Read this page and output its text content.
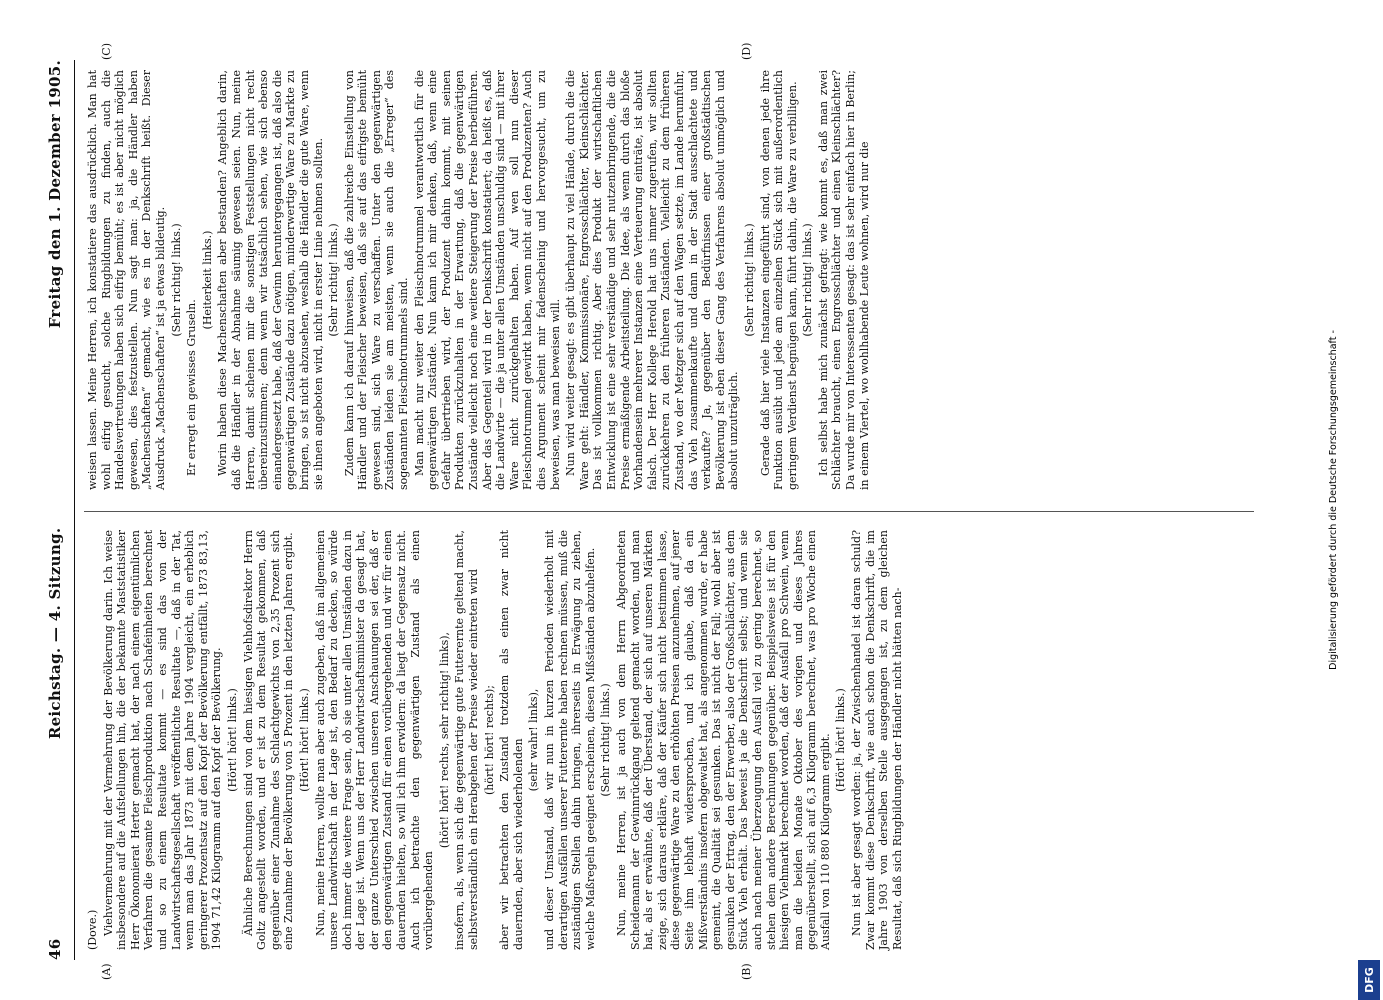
46
Reichstag. — 4. Sitzung.
Freitag den 1. Dezember 1905.
(A)	(B)
(C)	(D)

(Dove.) Viehvermehrung mit der Vermehrung der Bevölkerung darin. Ich weise insbesondere auf die Aufstellungen hin, die der bekannte Maststatistiker Herr Ökonomierat Herter gemacht hat, der nach einem eigentümlichen Verfahren die gesamte Fleischproduktion nach Schafeinheiten berechnet und so zu einem Resultate kommt — es sind das von der Landwirtschaftsgesellschaft veröffentlichte Resultate —, daß in der Tat, wenn man das Jahr 1873 mit dem Jahre 1904 vergleicht, ein erheblich geringerer Prozentsatz auf den Kopf der Bevölkerung entfällt, 1873 83,13, 1904 71,42 Kilogramm auf den Kopf der Bevölkerung. (Hört! hört! links.) Ähnliche Berechnungen sind von dem hiesigen Viehhofsdirektor Herrn Goltz angestellt worden, und er ist zu dem Resultat gekommen, daß gegenüber einer Zunahme des Schlachtgewichts von 2,35 Prozent sich eine Zunahme der Bevölkerung von 5 Prozent in den letzten Jahren ergibt. (Hört! hört! links.) Nun, meine Herren, wollte man aber auch zugeben, daß im allgemeinen unsere Landwirtschaft in der Lage ist, den Bedarf zu decken, so würde doch immer die weitere Frage sein, ob sie unter allen Umständen dazu in der Lage ist. Wenn uns der Herr Landwirtschaftsminister da gesagt hat, der ganze Unterschied zwischen unseren Anschauungen sei der, daß er den gegenwärtigen Zustand für einen vorübergehenden und wir für einen dauernden hielten, so will ich ihm erwidern: da liegt der Gegensatz nicht. Auch ich betrachte den gegenwärtigen Zustand als einen vorübergehenden

(hört! hört! rechts, sehr richtig! links), insofern, als, wenn sich die gegenwärtige gute Futterernte geltend macht, selbstverständlich ein Herabgehen der Preise wieder eintreten wird (hört! hört! rechts); aber wir betrachten den Zustand trotzdem als einen zwar nicht dauernden, aber sich wiederholenden (sehr wahr! links), und dieser Umstand, daß wir nun in kurzen Perioden wiederholt mit derartigen Ausfällen unserer Futterernte haben rechnen müssen, muß die zuständigen Stellen dahin bringen, ihrerseits in Erwägung zu ziehen, welche Maßregeln geeignet erscheinen, diesen Mißständen abzuhelfen. (Sehr richtig! links.) Nun, meine Herren, ist ja auch von dem Herrn Abgeordneten Scheidemann der Gewinnrückgang geltend gemacht worden, und man hat, als er erwähnte, daß der Überstand, der sich auf unseren Märkten zeige, sich daraus erkläre, daß der Käufer sich nicht bestimmen lasse, diese gegenwärtige Ware zu den erhöhten Preisen anzunehmen, auf jener Seite ihm lebhaft widersprochen, und ich glaube, daß da ein Mißverständnis insofern obgewaltet hat, als angenommen wurde, er habe gemeint, die Qualität sei gesunken. Das ist nicht der Fall; wohl aber ist gesunken der Ertrag, den der Erwerber, also der Großschlächter, aus dem Stück Vieh erhält. Das beweist ja die Denkschrift selbst; und wenn sie auch nach meiner Überzeugung den Ausfall viel zu gering berechnet, so stehen dem andere Berechnungen gegenüber. Beispielsweise ist für den hiesigen Viehmarkt berechnet worden, daß der Ausfall pro Schwein, wenn man die beiden Monate Oktober des vorigen und dieses Jahres gegenüberstellt, sich auf 6,3 Kilogramm berechnet, was pro Woche einen Ausfall von 110 880 Kilogramm ergibt. (Hört! hört! links.) Nun ist aber gesagt worden: ja, der Zwischenhandel ist daran schuld? Zwar kommt diese Denkschrift, wie auch schon die Denkschrift, die im Jahre 1903 von derselben Stelle ausgegangen ist, zu dem gleichen Resultat, daß sich Ringbildungen der Händler nicht hätten nach-

weisen lassen. Meine Herren, ich konstatiere das ausdrücklich. Man hat wohl eifrig gesucht, solche Ringbildungen zu finden, auch die Handelsvertretungen haben sich eifrig bemüht; es ist aber nicht möglich gewesen, dies festzustellen. Nun sagt man: ja, die Händler haben „Machenschaften“ gemacht, wie es in der Denkschrift heißt. Dieser Ausdruck „Machenschaften“ ist ja etwas bildeutig. (Sehr richtig! links.)

Er erregt ein gewisses Gruseln.

(Heiterkeit links.) Worin haben diese Machenschaften aber bestanden? Angeblich darin, daß die Händler in der Abnahme säumig gewesen seien. Nun, meine Herren, damit scheinen mir die sonstigen Feststellungen nicht recht übereinzustimmen; denn wenn wir tatsächlich sehen, wie sich ebenso einandergesetzt habe, daß der Gewinn heruntergegangen ist, daß also die gegenwärtigen Zustände dazu nötigen, minderwertige Ware zu Markte zu bringen, so ist nicht abzusehen, weshalb die Händler die gute Ware, wenn sie ihnen angeboten wird, nicht in erster Linie nehmen sollten. (Sehr richtig! links.) Zudem kann ich darauf hinweisen, daß die zahlreiche Einstellung von Händler und der Fleischer beweisen, daß sie auf das eifrigste bemüht gewesen sind, sich Ware zu verschaffen. Unter den gegenwärtigen Zuständen leiden sie am meisten, wenn sie auch die „Erreger“ des sogenannten Fleischnotrummels sind. Man macht nur weiter den Fleischnotrummel verantwortlich für die gegenwärtigen Zustände. Nun kann ich mir denken, daß, wenn eine Gefahr übertrieben wird, der Produzent dahin kommt, mit seinen Produkten zurückzuhalten in der Erwartung, daß die gegenwärtigen Zustände vielleicht noch eine weitere Steigerung der Preise herbeiführen. Aber das Gegenteil wird in der Denkschrift konstatiert; da heißt es, daß die Landwirte — die ja unter allen Umständen unschuldig sind — mit ihrer Ware nicht zurückgehalten haben. Auf wen soll nun dieser Fleischnotrummel gewirkt haben, wenn nicht auf den Produzenten? Auch dies Argument scheint mir fadenscheinig und hervorgesucht, um zu beweisen, was man beweisen will. Nun wird weiter gesagt: es gibt überhaupt zu viel Hände, durch die die Ware geht: Händler, Kommissionäre, Engrosschlächter, Kleinschlächter. Das ist vollkommen richtig. Aber dies Produkt der wirtschaftlichen Entwicklung ist eine sehr verständige und sehr nutzenbringende, die die Preise ermäßigende Arbeitsteilung. Die Idee, als wenn durch das bloße Vorhandensein mehrerer Instanzen eine Verteuerung einträte, ist absolut falsch. Der Herr Kollege Herold hat uns immer zugerufen, wir sollten zurückkehren zu den früheren Zuständen. Vielleicht zu dem früheren Zustand, wo der Metzger sich auf den Wagen setzte, im Lande herumfuhr, das Vieh zusammenkaufte und dann in der Stadt ausschlachtete und verkaufte? Ja, gegenüber den Bedürfnissen einer großstädtischen Bevölkerung ist eben dieser Gang des Verfahrens absolut unmöglich und absolut unzuträglich.

(Sehr richtig! links.) Gerade daß hier viele Instanzen eingeführt sind, von denen jede ihre Funktion ausübt und jede am einzelnen Stück sich mit außerordentlich geringem Verdienst begnügen kann, führt dahin, die Ware zu verbilligen. (Sehr richtig! links.) Ich selbst habe mich zunächst gefragt: wie kommt es, daß man zwei Schlächter braucht, einen Engrosschlächter und einen Kleinschlächter? Da wurde mir von Interessenten gesagt: das ist sehr einfach hier in Berlin; in einem Viertel, wo wohlhabende Leute wohnen, wird nur die

Digitalisierung gefördert durch die Deutsche Forschungsgemeinschaft -
DFG
